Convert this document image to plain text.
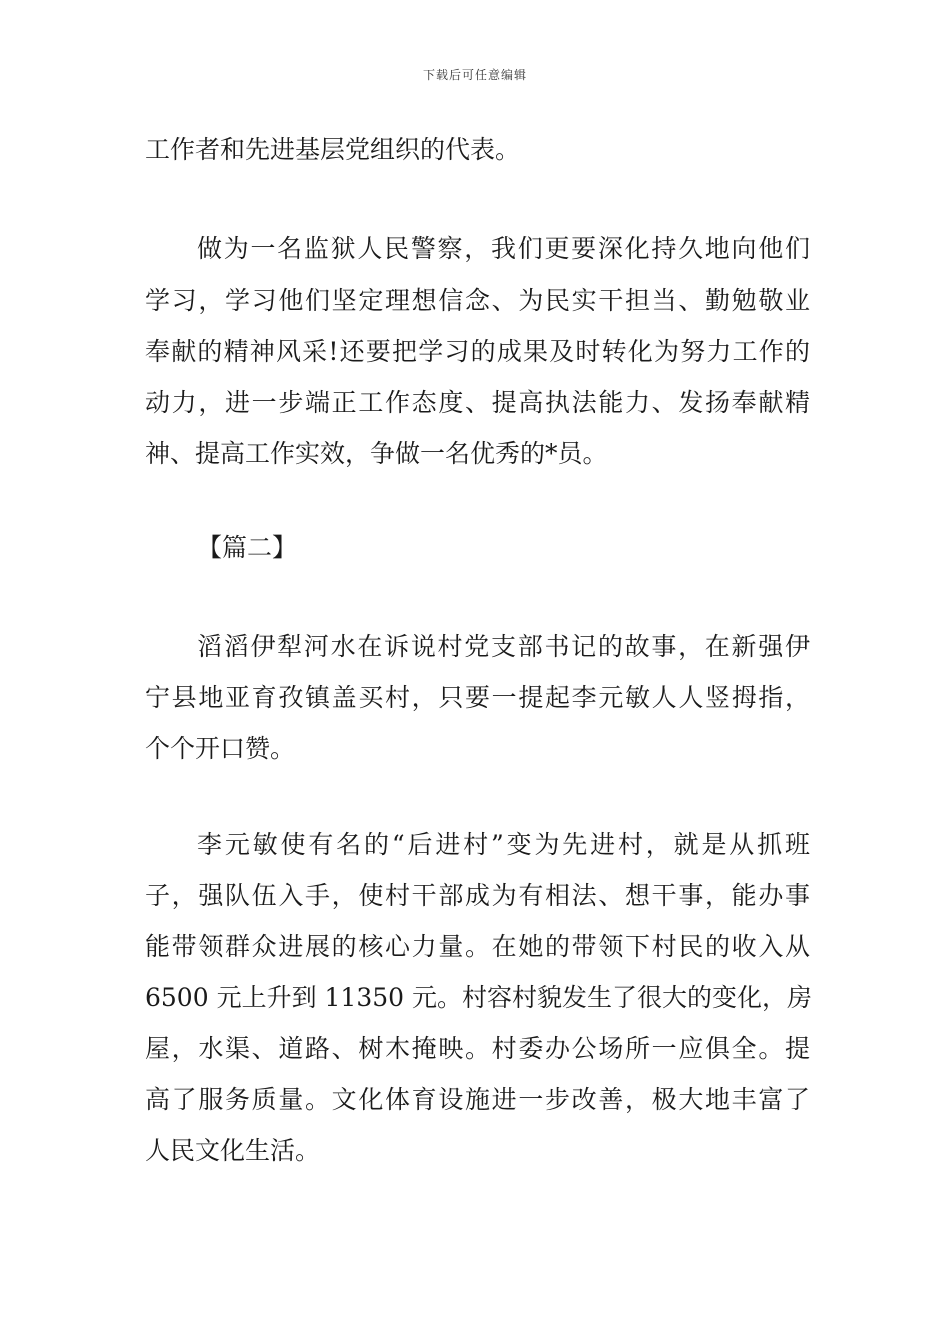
下载后可任意编辑
工作者和先进基层党组织的代表。
做为一名监狱人民警察，我们更要深化持久地向他们
学习，学习他们坚定理想信念、为民实干担当、勤勉敬业
奉献的精神风采!还要把学习的成果及时转化为努力工作的
动力，进一步端正工作态度、提高执法能力、发扬奉献精
神、提高工作实效，争做一名优秀的*员。
【篇二】
滔滔伊犁河水在诉说村党支部书记的故事，在新强伊
宁县地亚育孜镇盖买村，只要一提起李元敏人人竖拇指，
个个开口赞。
李元敏使有名的“后进村”变为先进村，就是从抓班
子，强队伍入手，使村干部成为有相法、想干事，能办事
能带领群众进展的核心力量。在她的带领下村民的收入从
6500 元上升到 11350 元。村容村貌发生了很大的变化，房
屋，水渠、道路、树木掩映。村委办公场所一应俱全。提
高了服务质量。文化体育设施进一步改善，极大地丰富了
人民文化生活。
